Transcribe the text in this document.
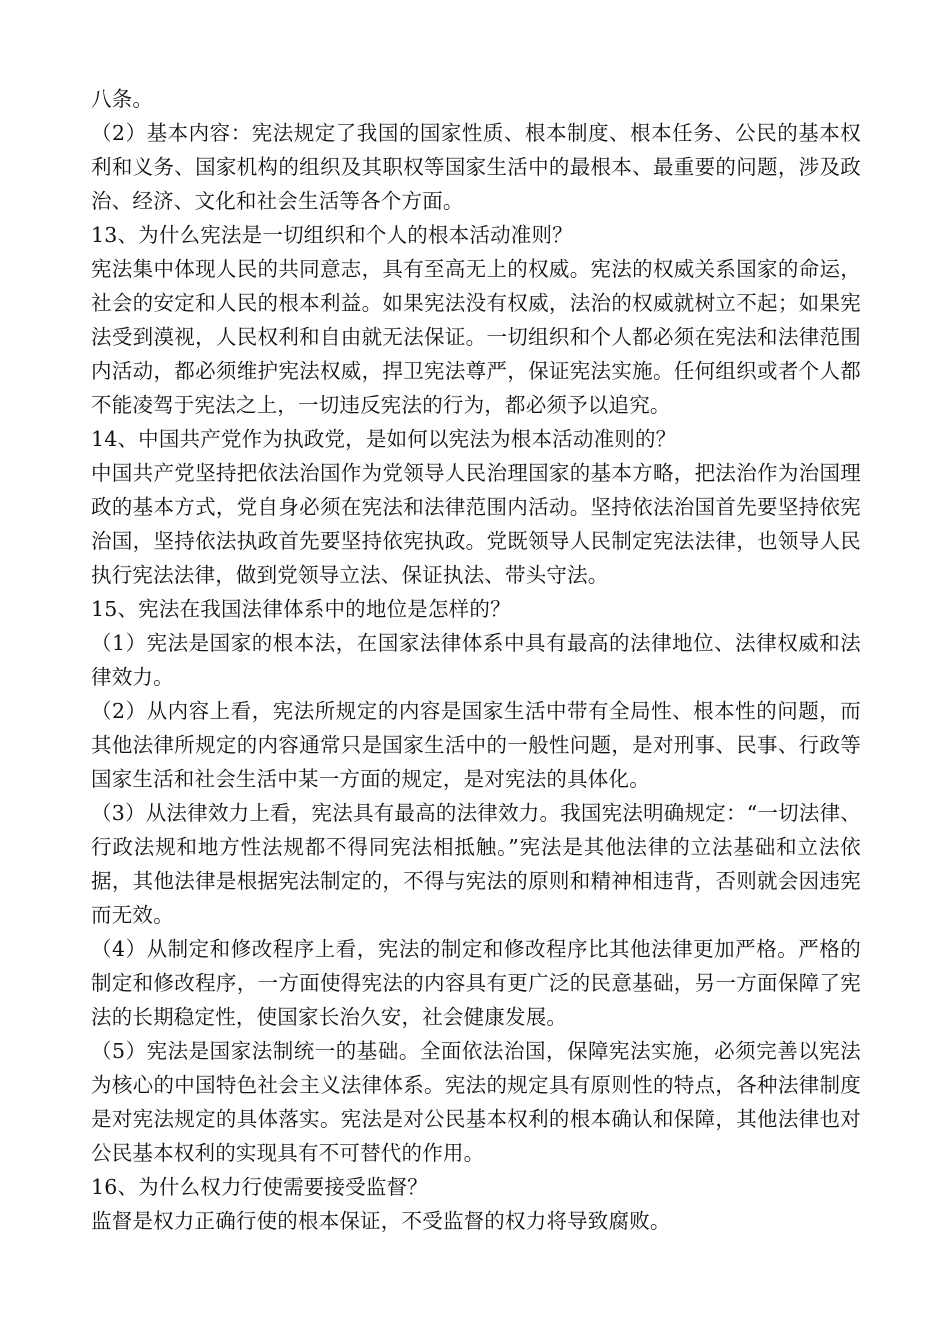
八条。

（2）基本内容：宪法规定了我国的国家性质、根本制度、根本任务、公民的基本权利和义务、国家机构的组织及其职权等国家生活中的最根本、最重要的问题，涉及政治、经济、文化和社会生活等各个方面。

13、为什么宪法是一切组织和个人的根本活动准则？

宪法集中体现人民的共同意志，具有至高无上的权威。宪法的权威关系国家的命运，社会的安定和人民的根本利益。如果宪法没有权威，法治的权威就树立不起；如果宪法受到漠视，人民权利和自由就无法保证。一切组织和个人都必须在宪法和法律范围内活动，都必须维护宪法权威，捍卫宪法尊严，保证宪法实施。任何组织或者个人都不能凌驾于宪法之上，一切违反宪法的行为，都必须予以追究。

14、中国共产党作为执政党，是如何以宪法为根本活动准则的？

中国共产党坚持把依法治国作为党领导人民治理国家的基本方略，把法治作为治国理政的基本方式，党自身必须在宪法和法律范围内活动。坚持依法治国首先要坚持依宪治国，坚持依法执政首先要坚持依宪执政。党既领导人民制定宪法法律，也领导人民执行宪法法律，做到党领导立法、保证执法、带头守法。

15、宪法在我国法律体系中的地位是怎样的？

（1）宪法是国家的根本法，在国家法律体系中具有最高的法律地位、法律权威和法律效力。

（2）从内容上看，宪法所规定的内容是国家生活中带有全局性、根本性的问题，而其他法律所规定的内容通常只是国家生活中的一般性问题，是对刑事、民事、行政等国家生活和社会生活中某一方面的规定，是对宪法的具体化。

（3）从法律效力上看，宪法具有最高的法律效力。我国宪法明确规定：“一切法律、行政法规和地方性法规都不得同宪法相抵触。”宪法是其他法律的立法基础和立法依据，其他法律是根据宪法制定的，不得与宪法的原则和精神相违背，否则就会因违宪而无效。

（4）从制定和修改程序上看，宪法的制定和修改程序比其他法律更加严格。严格的制定和修改程序，一方面使得宪法的内容具有更广泛的民意基础，另一方面保障了宪法的长期稳定性，使国家长治久安，社会健康发展。

（5）宪法是国家法制统一的基础。全面依法治国，保障宪法实施，必须完善以宪法为核心的中国特色社会主义法律体系。宪法的规定具有原则性的特点，各种法律制度是对宪法规定的具体落实。宪法是对公民基本权利的根本确认和保障，其他法律也对公民基本权利的实现具有不可替代的作用。

16、为什么权力行使需要接受监督？

监督是权力正确行使的根本保证，不受监督的权力将导致腐败。
